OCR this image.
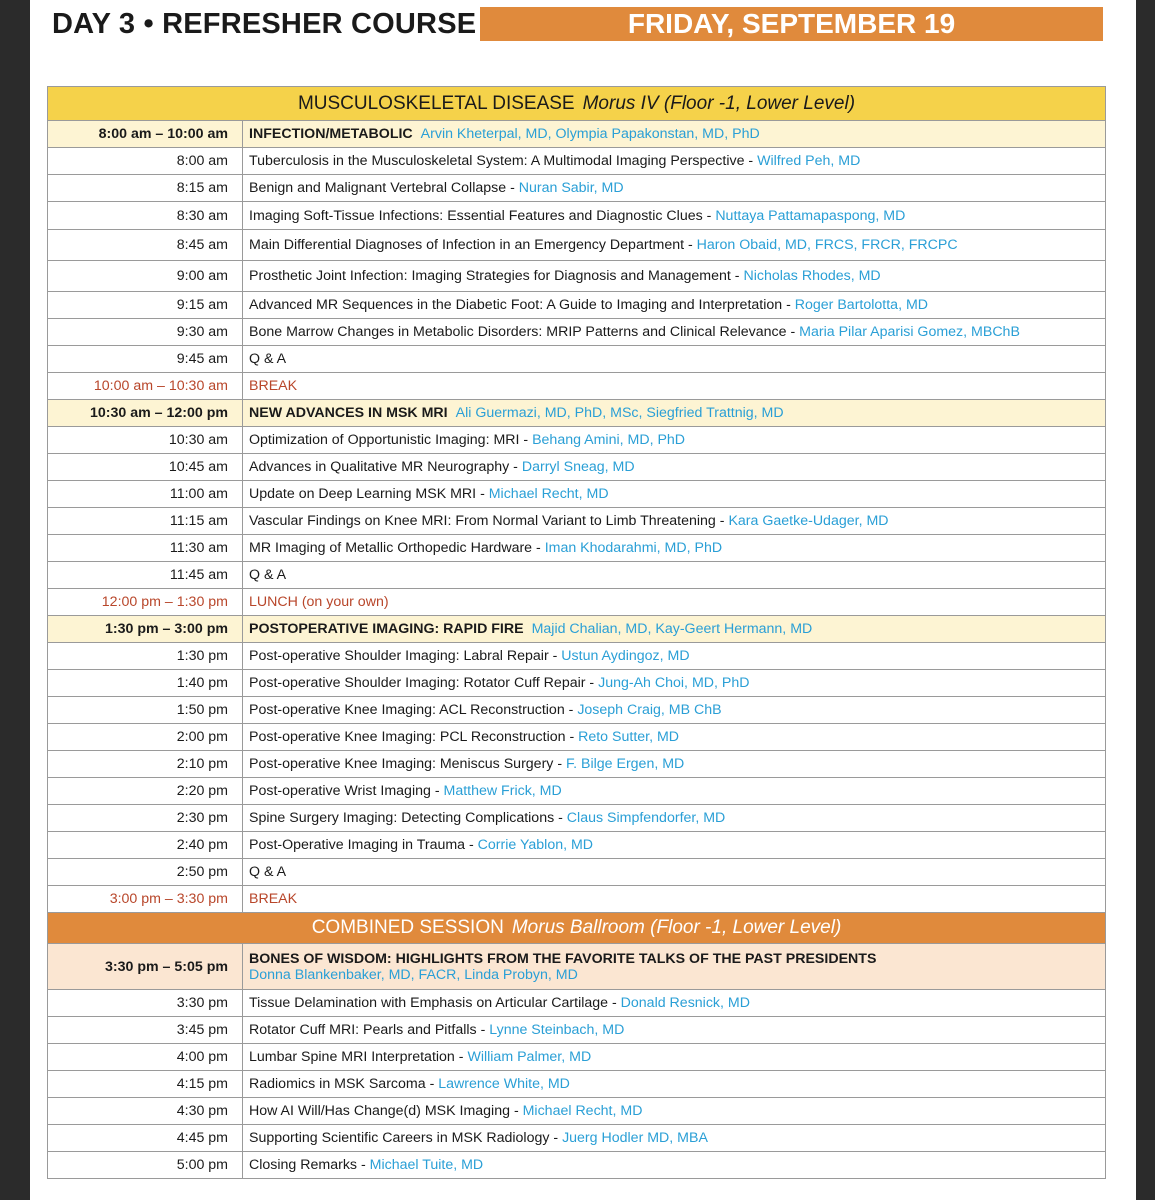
DAY 3 • REFRESHER COURSE	FRIDAY, SEPTEMBER 19
MUSCULOSKELETAL DISEASE Morus IV (Floor -1, Lower Level)
8:00 am – 10:00 am	INFECTION/METABOLIC Arvin Kheterpal, MD, Olympia Papakonstan, MD, PhD
8:00 am	Tuberculosis in the Musculoskeletal System: A Multimodal Imaging Perspective - Wilfred Peh, MD
8:15 am	Benign and Malignant Vertebral Collapse - Nuran Sabir, MD
8:30 am	Imaging Soft-Tissue Infections: Essential Features and Diagnostic Clues - Nuttaya Pattamapaspong, MD
8:45 am	Main Differential Diagnoses of Infection in an Emergency Department - Haron Obaid, MD, FRCS, FRCR, FRCPC
9:00 am	Prosthetic Joint Infection: Imaging Strategies for Diagnosis and Management - Nicholas Rhodes, MD
9:15 am	Advanced MR Sequences in the Diabetic Foot: A Guide to Imaging and Interpretation - Roger Bartolotta, MD
9:30 am	Bone Marrow Changes in Metabolic Disorders: MRIP Patterns and Clinical Relevance - Maria Pilar Aparisi Gomez, MBChB
9:45 am	Q & A
10:00 am – 10:30 am	BREAK
10:30 am – 12:00 pm	NEW ADVANCES IN MSK MRI Ali Guermazi, MD, PhD, MSc, Siegfried Trattnig, MD
10:30 am	Optimization of Opportunistic Imaging: MRI - Behang Amini, MD, PhD
10:45 am	Advances in Qualitative MR Neurography - Darryl Sneag, MD
11:00 am	Update on Deep Learning MSK MRI - Michael Recht, MD
11:15 am	Vascular Findings on Knee MRI: From Normal Variant to Limb Threatening - Kara Gaetke-Udager, MD
11:30 am	MR Imaging of Metallic Orthopedic Hardware - Iman Khodarahmi, MD, PhD
11:45 am	Q & A
12:00 pm – 1:30 pm	LUNCH (on your own)
1:30 pm – 3:00 pm	POSTOPERATIVE IMAGING: RAPID FIRE Majid Chalian, MD, Kay-Geert Hermann, MD
1:30 pm	Post-operative Shoulder Imaging: Labral Repair - Ustun Aydingoz, MD
1:40 pm	Post-operative Shoulder Imaging: Rotator Cuff Repair - Jung-Ah Choi, MD, PhD
1:50 pm	Post-operative Knee Imaging: ACL Reconstruction - Joseph Craig, MB ChB
2:00 pm	Post-operative Knee Imaging: PCL Reconstruction - Reto Sutter, MD
2:10 pm	Post-operative Knee Imaging: Meniscus Surgery - F. Bilge Ergen, MD
2:20 pm	Post-operative Wrist Imaging - Matthew Frick, MD
2:30 pm	Spine Surgery Imaging: Detecting Complications - Claus Simpfendorfer, MD
2:40 pm	Post-Operative Imaging in Trauma - Corrie Yablon, MD
2:50 pm	Q & A
3:00 pm – 3:30 pm	BREAK
COMBINED SESSION Morus Ballroom (Floor -1, Lower Level)
3:30 pm – 5:05 pm	BONES OF WISDOM: HIGHLIGHTS FROM THE FAVORITE TALKS OF THE PAST PRESIDENTS
Donna Blankenbaker, MD, FACR, Linda Probyn, MD
3:30 pm	Tissue Delamination with Emphasis on Articular Cartilage - Donald Resnick, MD
3:45 pm	Rotator Cuff MRI: Pearls and Pitfalls - Lynne Steinbach, MD
4:00 pm	Lumbar Spine MRI Interpretation - William Palmer, MD
4:15 pm	Radiomics in MSK Sarcoma - Lawrence White, MD
4:30 pm	How AI Will/Has Change(d) MSK Imaging - Michael Recht, MD
4:45 pm	Supporting Scientific Careers in MSK Radiology - Juerg Hodler MD, MBA
5:00 pm	Closing Remarks - Michael Tuite, MD
